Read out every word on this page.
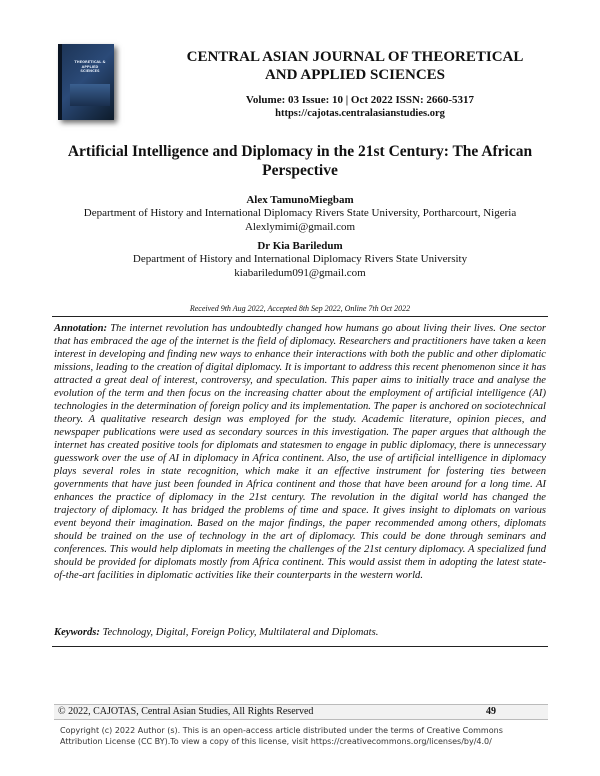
THEORETICAL & APPLIED SCIENCES
CENTRAL ASIAN JOURNAL OF THEORETICAL
AND APPLIED SCIENCES
Volume: 03 Issue: 10 | Oct 2022 ISSN: 2660-5317
https://cajotas.centralasianstudies.org
Artificial Intelligence and Diplomacy in the 21st Century: The African
Perspective
Alex TamunoMiegbam
Department of History and International Diplomacy Rivers State University, Portharcourt, Nigeria
Alexlymimi@gmail.com
Dr Kia Bariledum
Department of History and International Diplomacy Rivers State University
kiabariledum091@gmail.com
Received 9th Aug 2022, Accepted 8th Sep 2022, Online 7th Oct 2022
Annotation: The internet revolution has undoubtedly changed how humans go about living their lives. One sector that has embraced the age of the internet is the field of diplomacy. Researchers and practitioners have taken a keen interest in developing and finding new ways to enhance their interactions with both the public and other diplomatic missions, leading to the creation of digital diplomacy. It is important to address this recent phenomenon since it has attracted a great deal of interest, controversy, and speculation. This paper aims to initially trace and analyse the evolution of the term and then focus on the increasing chatter about the employment of artificial intelligence (AI) technologies in the determination of foreign policy and its implementation. The paper is anchored on sociotechnical theory. A qualitative research design was employed for the study. Academic literature, opinion pieces, and newspaper publications were used as secondary sources in this investigation. The paper argues that although the internet has created positive tools for diplomats and statesmen to engage in public diplomacy, there is unnecessary guesswork over the use of AI in diplomacy in Africa continent. Also, the use of artificial intelligence in diplomacy plays several roles in state recognition, which make it an effective instrument for fostering ties between governments that have just been founded in Africa continent and those that have been around for a long time. AI enhances the practice of diplomacy in the 21st century. The revolution in the digital world has changed the trajectory of diplomacy. It has bridged the problems of time and space. It gives insight to diplomats on various event beyond their imagination. Based on the major findings, the paper recommended among others, diplomats should be trained on the use of technology in the art of diplomacy. This could be done through seminars and conferences. This would help diplomats in meeting the challenges of the 21st century diplomacy. A specialized fund should be provided for diplomats mostly from Africa continent. This would assist them in adopting the latest state-of-the-art facilities in diplomatic activities like their counterparts in the western world.
Keywords: Technology, Digital, Foreign Policy, Multilateral and Diplomats.
© 2022, CAJOTAS, Central Asian Studies, All Rights Reserved	49
Copyright (c) 2022 Author (s). This is an open-access article distributed under the terms of Creative Commons
Attribution License (CC BY).To view a copy of this license, visit https://creativecommons.org/licenses/by/4.0/
